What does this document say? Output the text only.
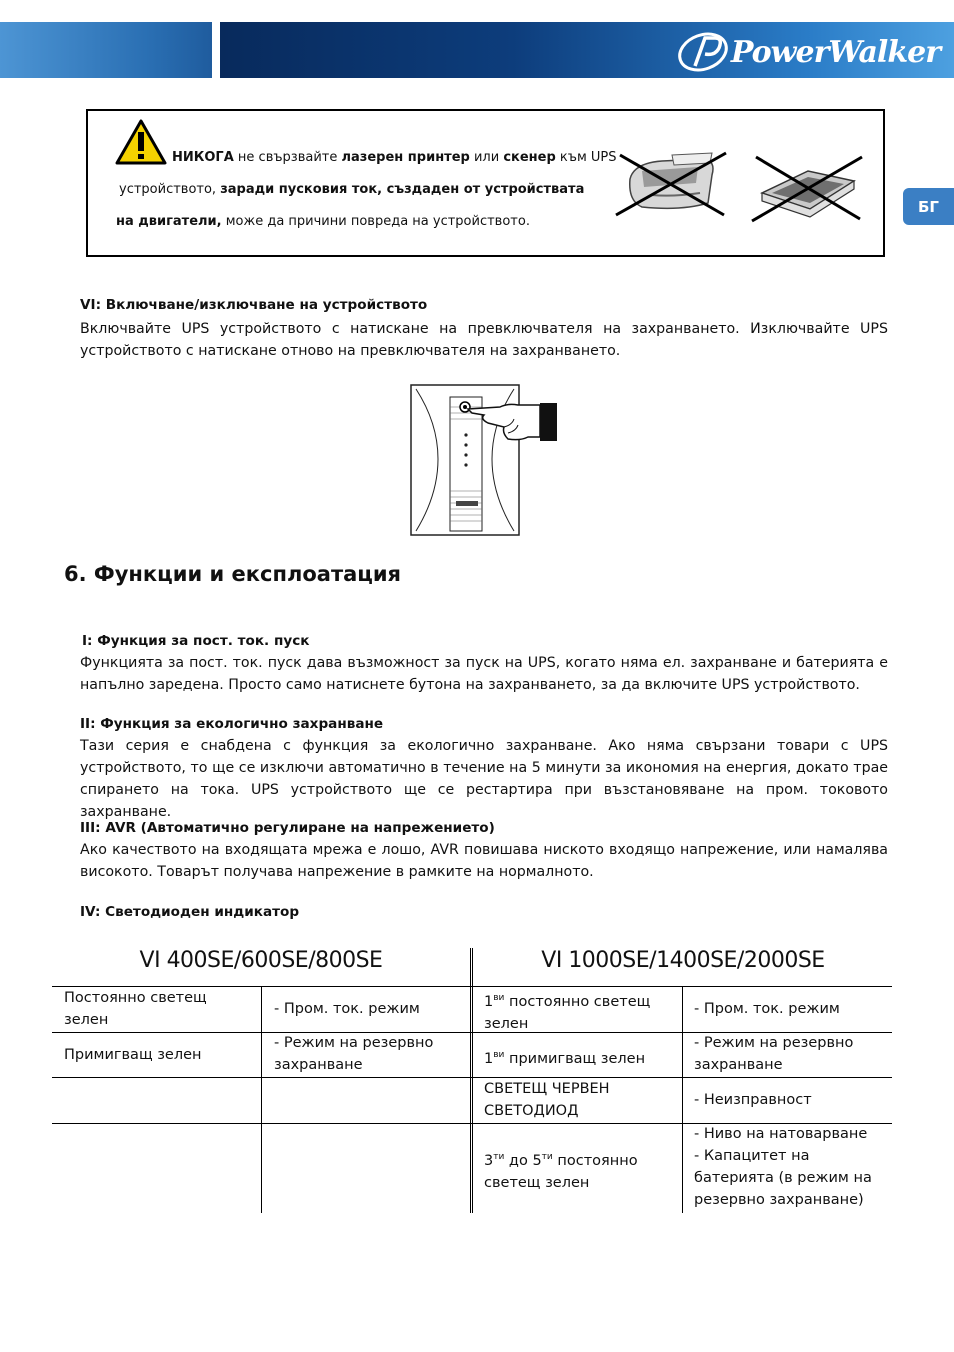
PowerWalker
БГ
НИКОГА не свързвайте лазерен принтер или скенер към UPS
устройството, заради пусковия ток, създаден от устройствата
на двигатели, може да причини повреда на устройството.
VI: Включване/изключване на устройството
Включвайте UPS устройството с натискане на превключвателя на захранването. Изключвайте UPS устройството с натискане отново на превключвателя на захранването.
6. Функции и експлоатация
I: Функция за пост. ток. пуск
Функцията за пост. ток. пуск дава възможност за пуск на UPS, когато няма ел. захранване и батерията е напълно заредена. Просто само натиснете бутона на захранването, за да включите UPS устройството.
II: Функция за екологично захранване
Тази серия е снабдена с функция за екологично захранване. Ако няма свързани товари с UPS устройството, то ще се изключи автоматично в течение на 5 минути за икономия на енергия, докато трае спирането на тока. UPS устройството ще се рестартира при възстановяване на пром. токовото захранване.
III: AVR (Автоматично регулиране на напрежението)
Ако качеството на входящата мрежа е лошо, AVR повишава ниското входящо напрежение, или намалява високото. Товарът получава напрежение в рамките на нормалното.
IV: Светодиоден индикатор
VI 400SE/600SE/800SE	VI 1000SE/1400SE/2000SE
Постоянно светещ зелен
- Пром. ток. режим
Примигващ зелен
- Режим на резервно захранване
$1^{ви}$ постоянно светещ зелен
- Пром. ток. режим
$1^{ви}$ примигващ зелен
- Режим на резервно захранване
СВЕТЕЩ ЧЕРВЕН СВЕТОДИОД
- Неизправност
$3^{ти}$ до $5^{ти}$ постоянно светещ зелен
- Ниво на натоварване
- Капацитет на батерията (в режим на резервно захранване)
